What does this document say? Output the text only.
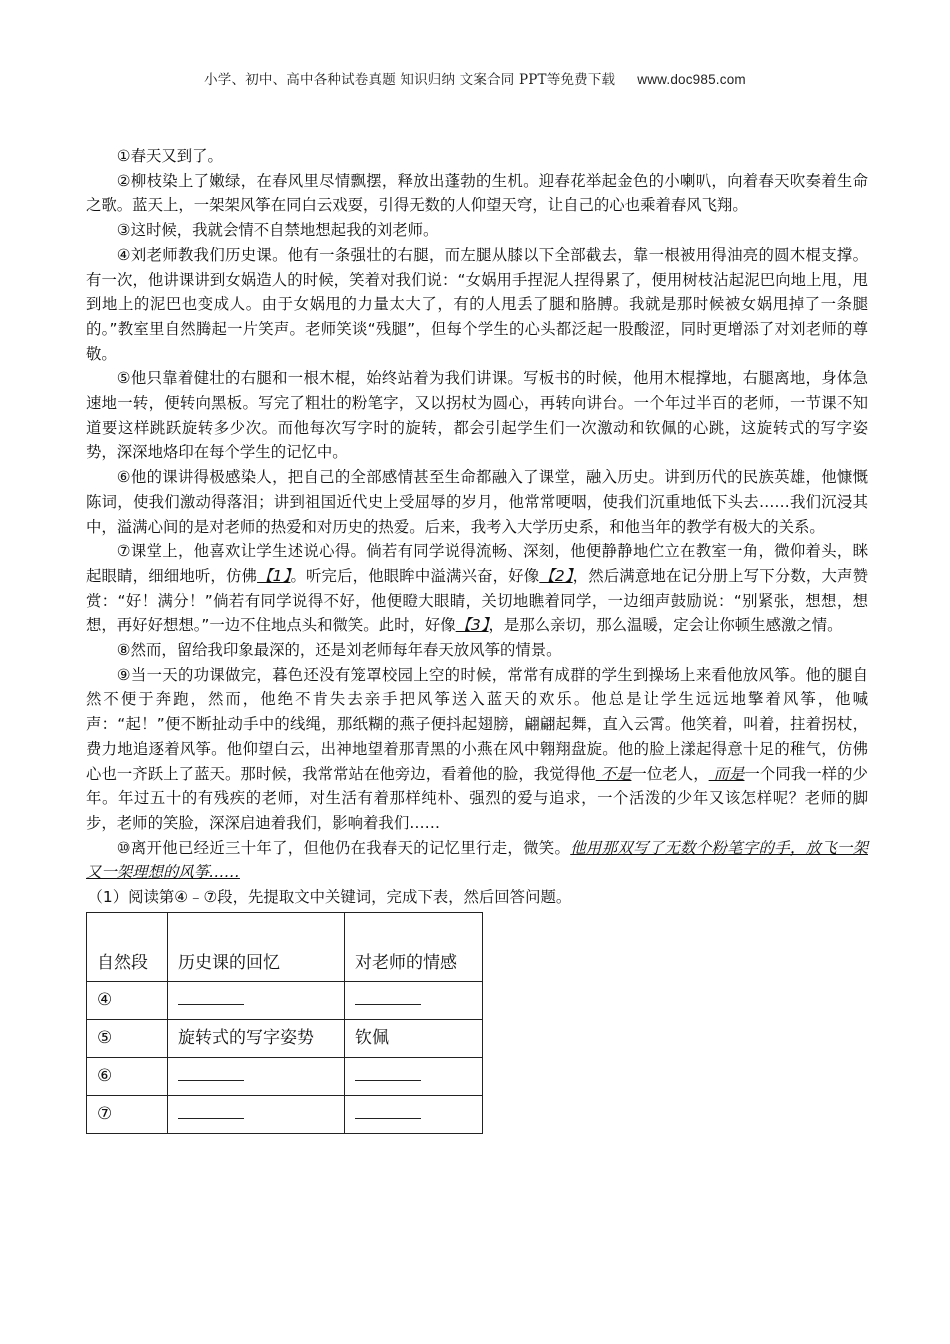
小学、初中、高中各种试卷真题 知识归纳 文案合同 PPT等免费下载 www.doc985.com

①春天又到了。

②柳枝染上了嫩绿，在春风里尽情飘摆，释放出蓬勃的生机。迎春花举起金色的小喇叭，向着春天吹奏着生命之歌。蓝天上，一架架风筝在同白云戏耍，引得无数的人仰望天穹，让自己的心也乘着春风飞翔。

③这时候，我就会情不自禁地想起我的刘老师。

④刘老师教我们历史课。他有一条强壮的右腿，而左腿从膝以下全部截去，靠一根被用得油亮的圆木棍支撑。有一次，他讲课讲到女娲造人的时候，笑着对我们说：“女娲用手捏泥人捏得累了，便用树枝沾起泥巴向地上甩，甩到地上的泥巴也变成人。由于女娲甩的力量太大了，有的人甩丢了腿和胳膊。我就是那时候被女娲甩掉了一条腿的。”教室里自然腾起一片笑声。老师笑谈“残腿”，但每个学生的心头都泛起一股酸涩，同时更增添了对刘老师的尊敬。

⑤他只靠着健壮的右腿和一根木棍，始终站着为我们讲课。写板书的时候，他用木棍撑地，右腿离地，身体急速地一转，便转向黑板。写完了粗壮的粉笔字，又以拐杖为圆心，再转向讲台。一个年过半百的老师，一节课不知道要这样跳跃旋转多少次。而他每次写字时的旋转，都会引起学生们一次激动和钦佩的心跳，这旋转式的写字姿势，深深地烙印在每个学生的记忆中。

⑥他的课讲得极感染人，把自己的全部感情甚至生命都融入了课堂，融入历史。讲到历代的民族英雄，他慷慨陈词，使我们激动得落泪；讲到祖国近代史上受屈辱的岁月，他常常哽咽，使我们沉重地低下头去……我们沉浸其中，溢满心间的是对老师的热爱和对历史的热爱。后来，我考入大学历史系，和他当年的教学有极大的关系。

⑦课堂上，他喜欢让学生述说心得。倘若有同学说得流畅、深刻，他便静静地伫立在教室一角，微仰着头，眯起眼睛，细细地听，仿佛【1】。听完后，他眼眸中溢满兴奋，好像【2】，然后满意地在记分册上写下分数，大声赞赏：“好！满分！”倘若有同学说得不好，他便瞪大眼睛，关切地瞧着同学，一边细声鼓励说：“别紧张，想想，想想，再好好想想。”一边不住地点头和微笑。此时，好像【3】，是那么亲切，那么温暖，定会让你顿生感激之情。

⑧然而，留给我印象最深的，还是刘老师每年春天放风筝的情景。

⑨当一天的功课做完，暮色还没有笼罩校园上空的时候，常常有成群的学生到操场上来看他放风筝。他的腿自然不便于奔跑，然而，他绝不肯失去亲手把风筝送入蓝天的欢乐。他总是让学生远远地擎着风筝，他喊声：“起！”便不断扯动手中的线绳，那纸糊的燕子便抖起翅膀，翩翩起舞，直入云霄。他笑着，叫着，拄着拐杖，费力地追逐着风筝。他仰望白云，出神地望着那青黑的小燕在风中翱翔盘旋。他的脸上漾起得意十足的稚气，仿佛心也一齐跃上了蓝天。那时候，我常常站在他旁边，看着他的脸，我觉得他 不是一位老人， 而是一个同我一样的少年。年过五十的有残疾的老师，对生活有着那样纯朴、强烈的爱与追求，一个活泼的少年又该怎样呢？老师的脚步，老师的笑脸，深深启迪着我们，影响着我们……

⑩离开他已经近三十年了，但他仍在我春天的记忆里行走，微笑。他用那双写了无数个粉笔字的手，放飞一架又一架理想的风筝……

（1）阅读第④﹣⑦段，先提取文中关键词，完成下表，然后回答问题。

自然段	历史课的回忆	对老师的情感
④		
⑤	旋转式的写字姿势	钦佩
⑥		
⑦		
